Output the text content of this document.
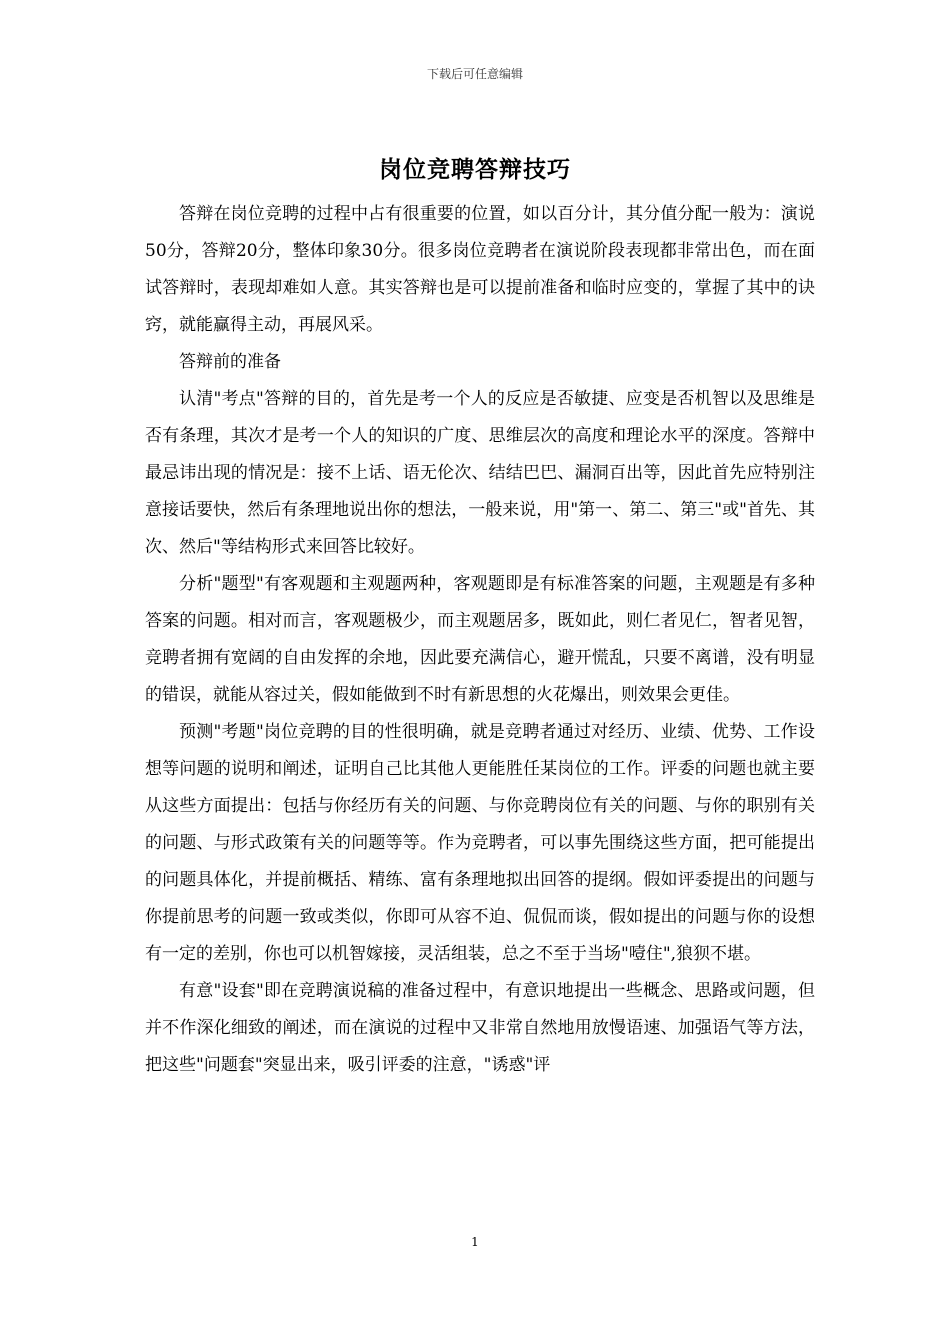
下载后可任意编辑
岗位竞聘答辩技巧

答辩在岗位竞聘的过程中占有很重要的位置，如以百分计，其分值分配一般为：演说50分，答辩20分，整体印象30分。很多岗位竞聘者在演说阶段表现都非常出色，而在面试答辩时，表现却难如人意。其实答辩也是可以提前准备和临时应变的，掌握了其中的诀窍，就能赢得主动，再展风采。

答辩前的准备

认清"考点"答辩的目的，首先是考一个人的反应是否敏捷、应变是否机智以及思维是否有条理，其次才是考一个人的知识的广度、思维层次的高度和理论水平的深度。答辩中最忌讳出现的情况是：接不上话、语无伦次、结结巴巴、漏洞百出等，因此首先应特别注意接话要快，然后有条理地说出你的想法，一般来说，用"第一、第二、第三"或"首先、其次、然后"等结构形式来回答比较好。

分析"题型"有客观题和主观题两种，客观题即是有标准答案的问题，主观题是有多种答案的问题。相对而言，客观题极少，而主观题居多，既如此，则仁者见仁，智者见智，竞聘者拥有宽阔的自由发挥的余地，因此要充满信心，避开慌乱，只要不离谱，没有明显的错误，就能从容过关，假如能做到不时有新思想的火花爆出，则效果会更佳。

预测"考题"岗位竞聘的目的性很明确，就是竞聘者通过对经历、业绩、优势、工作设想等问题的说明和阐述，证明自己比其他人更能胜任某岗位的工作。评委的问题也就主要从这些方面提出：包括与你经历有关的问题、与你竞聘岗位有关的问题、与你的职别有关的问题、与形式政策有关的问题等等。作为竞聘者，可以事先围绕这些方面，把可能提出的问题具体化，并提前概括、精练、富有条理地拟出回答的提纲。假如评委提出的问题与你提前思考的问题一致或类似，你即可从容不迫、侃侃而谈，假如提出的问题与你的设想有一定的差别，你也可以机智嫁接，灵活组装，总之不至于当场"噎住",狼狈不堪。

有意"设套"即在竞聘演说稿的准备过程中，有意识地提出一些概念、思路或问题，但并不作深化细致的阐述，而在演说的过程中又非常自然地用放慢语速、加强语气等方法，把这些"问题套"突显出来，吸引评委的注意，"诱惑"评

1
